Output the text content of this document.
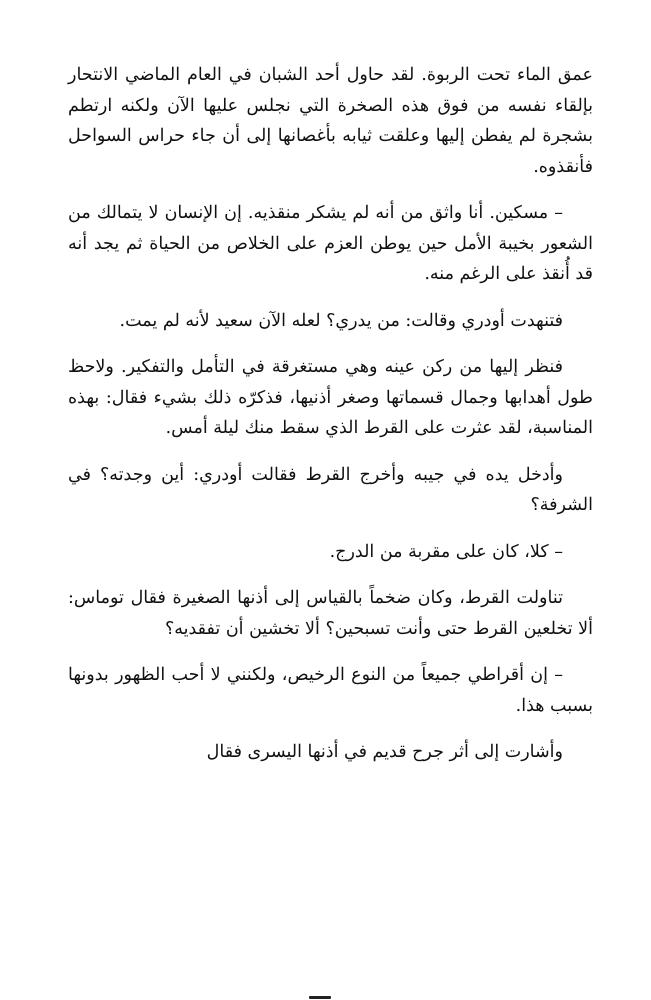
عمق الماء تحت الربوة. لقد حاول أحد الشبان في العام الماضي الانتحار بإلقاء نفسه من فوق هذه الصخرة التي نجلس عليها الآن ولكنه ارتطم بشجرة لم يفطن إليها وعلقت ثيابه بأغصانها إلى أن جاء حراس السواحل فأنقذوه.

– مسكين. أنا واثق من أنه لم يشكر منقذيه. إن الإنسان لا يتمالك من الشعور بخيبة الأمل حين يوطن العزم على الخلاص من الحياة ثم يجد أنه قد أُنقذ على الرغم منه.

فتنهدت أودري وقالت: من يدري؟ لعله الآن سعيد لأنه لم يمت.

فنظر إليها من ركن عينه وهي مستغرقة في التأمل والتفكير. ولاحظ طول أهدابها وجمال قسماتها وصغر أذنيها، فذكرّه ذلك بشيء فقال: بهذه المناسبة، لقد عثرت على القرط الذي سقط منك ليلة أمس.

وأدخل يده في جيبه وأخرج القرط فقالت أودري: أين وجدته؟ في الشرفة؟

– كلا، كان على مقربة من الدرج.

تناولت القرط، وكان ضخماً بالقياس إلى أذنها الصغيرة فقال توماس: ألا تخلعين القرط حتى وأنت تسبحين؟ ألا تخشين أن تفقديه؟

– إن أقراطي جميعاً من النوع الرخيص، ولكنني لا أحب الظهور بدونها بسبب هذا.

وأشارت إلى أثر جرح قديم في أذنها اليسرى فقال
